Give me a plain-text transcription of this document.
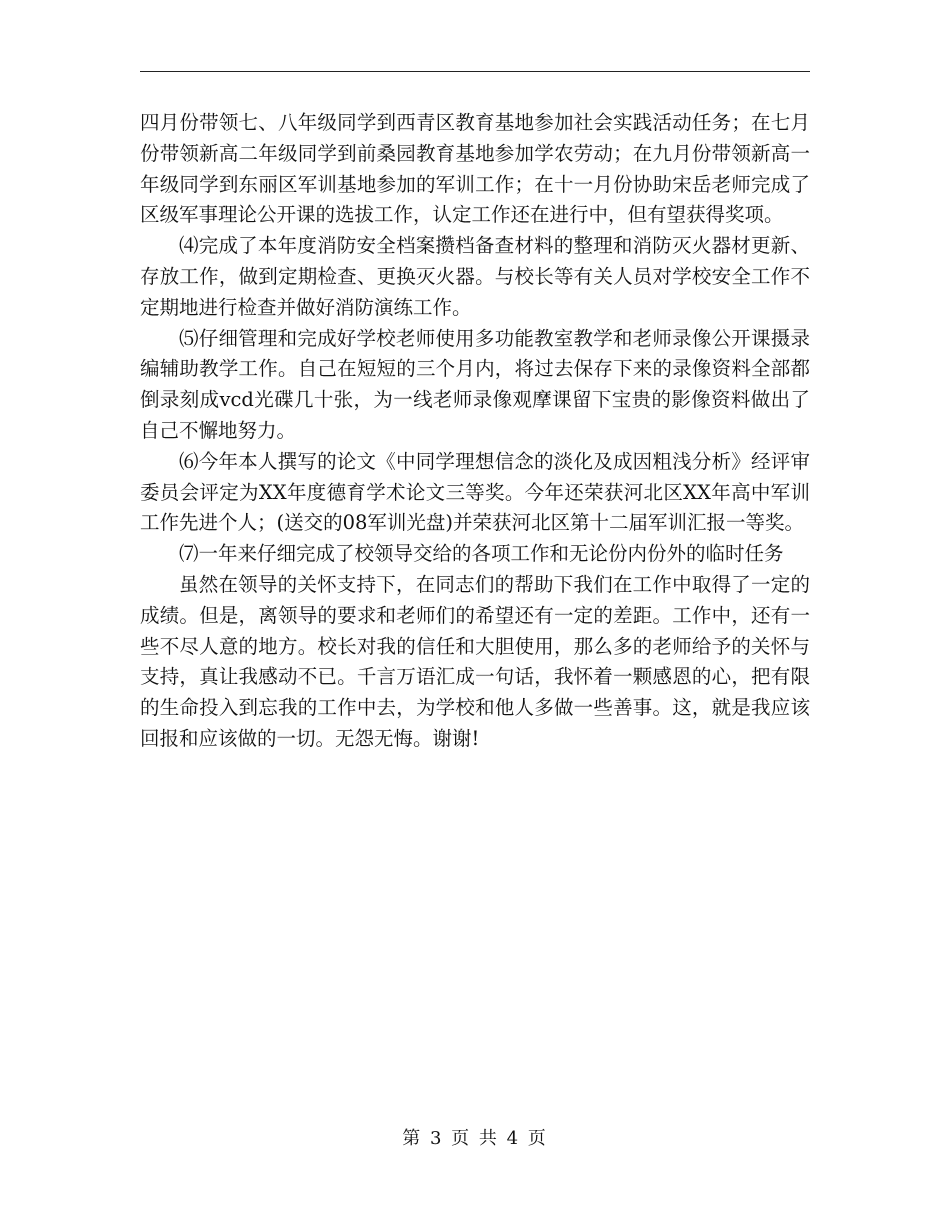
四月份带领七、八年级同学到西青区教育基地参加社会实践活动任务；在七月份带领新高二年级同学到前桑园教育基地参加学农劳动；在九月份带领新高一年级同学到东丽区军训基地参加的军训工作；在十一月份协助宋岳老师完成了区级军事理论公开课的选拔工作，认定工作还在进行中，但有望获得奖项。

⑷完成了本年度消防安全档案攒档备查材料的整理和消防灭火器材更新、存放工作，做到定期检查、更换灭火器。与校长等有关人员对学校安全工作不定期地进行检查并做好消防演练工作。

⑸仔细管理和完成好学校老师使用多功能教室教学和老师录像公开课摄录编辅助教学工作。自己在短短的三个月内，将过去保存下来的录像资料全部都倒录刻成vcd光碟几十张，为一线老师录像观摩课留下宝贵的影像资料做出了自己不懈地努力。

⑹今年本人撰写的论文《中同学理想信念的淡化及成因粗浅分析》经评审委员会评定为XX年度德育学术论文三等奖。今年还荣获河北区XX年高中军训工作先进个人；(送交的08军训光盘)并荣获河北区第十二届军训汇报一等奖。

⑺一年来仔细完成了校领导交给的各项工作和无论份内份外的临时任务

虽然在领导的关怀支持下，在同志们的帮助下我们在工作中取得了一定的成绩。但是，离领导的要求和老师们的希望还有一定的差距。工作中，还有一些不尽人意的地方。校长对我的信任和大胆使用，那么多的老师给予的关怀与支持，真让我感动不已。千言万语汇成一句话，我怀着一颗感恩的心，把有限的生命投入到忘我的工作中去，为学校和他人多做一些善事。这，就是我应该回报和应该做的一切。无怨无悔。谢谢!

第 3 页 共 4 页
